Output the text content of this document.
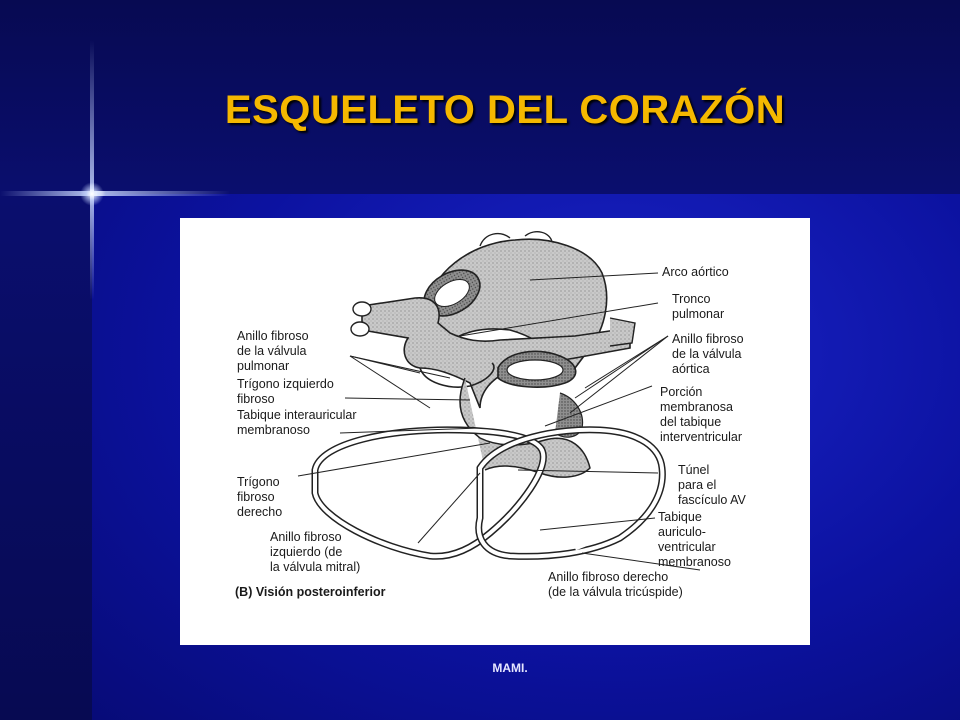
ESQUELETO DEL CORAZÓN
Arco aórtico
Tronco pulmonar
Anillo fibroso de la válvula aórtica
Porción membranosa del tabique interventricular
Túnel para el fascículo AV
Tabique auriculo- ventricular membranoso
Anillo fibroso derecho (de la válvula tricúspide)
Anillo fibroso de la válvula pulmonar
Trígono izquierdo fibroso
Tabique interauricular membranoso
Trígono fibroso derecho
Anillo fibroso izquierdo (de la válvula mitral)
(B) Visión posteroinferior
MAMI.
